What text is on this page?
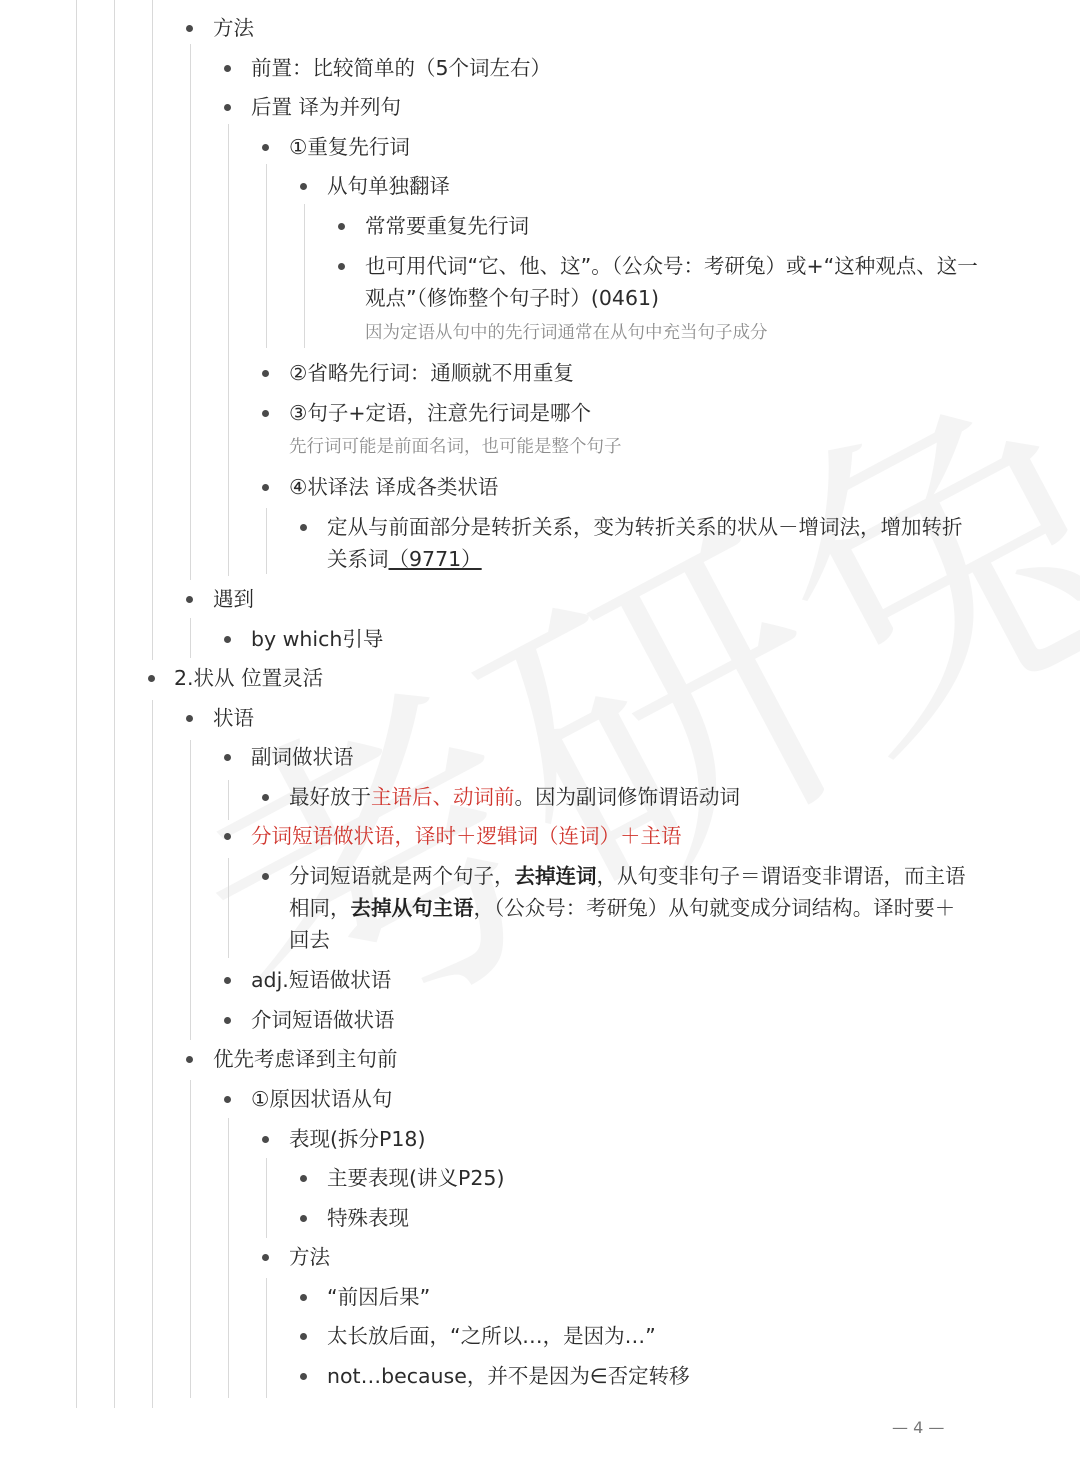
方法
前置：比较简单的（5个词左右）
后置 译为并列句
①重复先行词
从句单独翻译
常常要重复先行词
也可用代词“它、他、这”。（公众号：考研兔）或+“这种观点、这一
观点”（修饰整个句子时）(0461)
因为定语从句中的先行词通常在从句中充当句子成分
②省略先行词：通顺就不用重复
③句子+定语，注意先行词是哪个
先行词可能是前面名词，也可能是整个句子
④状译法 译成各类状语
定从与前面部分是转折关系，变为转折关系的状从－增词法，增加转折
关系词（9771）
遇到
by which引导
2.状从 位置灵活
状语
副词做状语
最好放于主语后、动词前。因为副词修饰谓语动词
分词短语做状语，译时＋逻辑词（连词）＋主语
分词短语就是两个句子，去掉连词，从句变非句子＝谓语变非谓语，而主语
相同，去掉从句主语，（公众号：考研兔）从句就变成分词结构。译时要＋
回去
adj.短语做状语
介词短语做状语
优先考虑译到主句前
①原因状语从句
表现(拆分P18)
主要表现(讲义P25)
特殊表现
方法
“前因后果”
太长放后面，“之所以…，是因为…”
not…because，并不是因为∈否定转移
— 4 —
